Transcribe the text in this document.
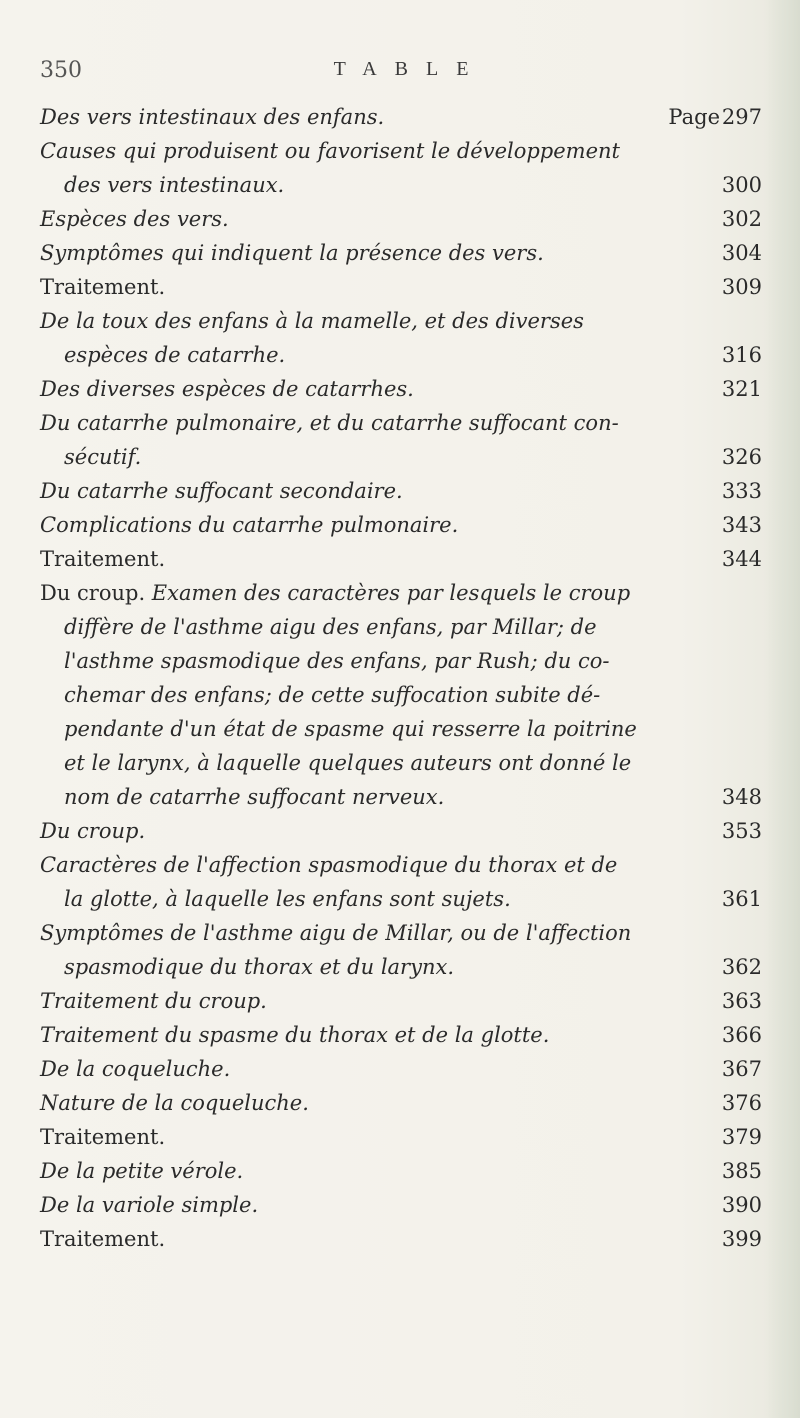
350	TABLE
Des vers intestinaux des enfans.	Page 297
Causes qui produisent ou favorisent le développement
des vers intestinaux.	300
Espèces des vers.	302
Symptômes qui indiquent la présence des vers.	304
Traitement.	309
De la toux des enfans à la mamelle, et des diverses
espèces de catarrhe.	316
Des diverses espèces de catarrhes.	321
Du catarrhe pulmonaire, et du catarrhe suffocant con-
sécutif.	326
Du catarrhe suffocant secondaire.	333
Complications du catarrhe pulmonaire.	343
Traitement.	344
Du croup. Examen des caractères par lesquels le croup
diffère de l'asthme aigu des enfans, par Millar; de
l'asthme spasmodique des enfans, par Rush; du co-
chemar des enfans; de cette suffocation subite dé-
pendante d'un état de spasme qui resserre la poitrine
et le larynx, à laquelle quelques auteurs ont donné le
nom de catarrhe suffocant nerveux.	348
Du croup.	353
Caractères de l'affection spasmodique du thorax et de
la glotte, à laquelle les enfans sont sujets.	361
Symptômes de l'asthme aigu de Millar, ou de l'affection
spasmodique du thorax et du larynx.	362
Traitement du croup.	363
Traitement du spasme du thorax et de la glotte.	366
De la coqueluche.	367
Nature de la coqueluche.	376
Traitement.	379
De la petite vérole.	385
De la variole simple.	390
Traitement.	399
